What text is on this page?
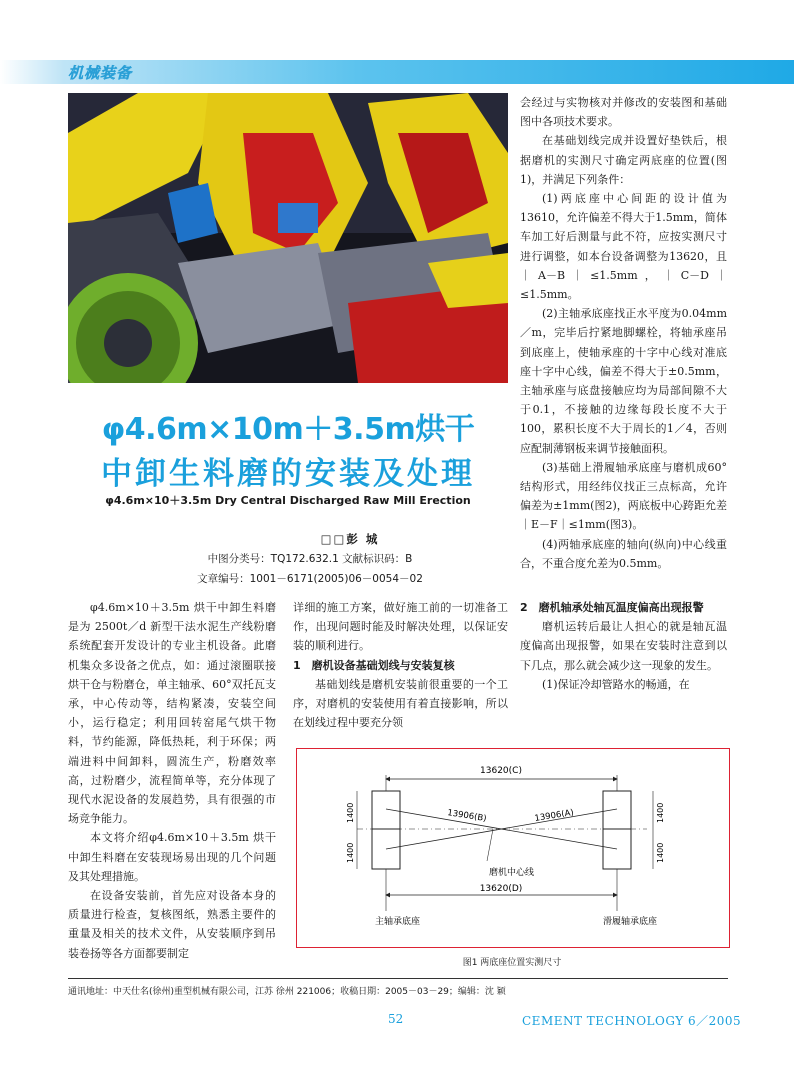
机械装备
φ4.6m×10m＋3.5m烘干
中卸生料磨的安装及处理
φ4.6m×10＋3.5m Dry Central Discharged Raw Mill Erection
□□彭 城
中图分类号：TQ172.632.1 文献标识码：B
文章编号：1001－6171(2005)06－0054－02

φ4.6m×10＋3.5m 烘干中卸生料磨是为 2500t／d 新型干法水泥生产线粉磨系统配套开发设计的专业主机设备。此磨机集众多设备之优点，如：通过滚圈联接烘干仓与粉磨仓，单主轴承、60°双托瓦支承，中心传动等，结构紧凑，安装空间小，运行稳定；利用回转窑尾气烘干物料，节约能源，降低热耗，利于环保；两端进料中间卸料，圆流生产，粉磨效率高，过粉磨少，流程简单等，充分体现了现代水泥设备的发展趋势，具有很强的市场竞争能力。

本文将介绍φ4.6m×10＋3.5m 烘干中卸生料磨在安装现场易出现的几个问题及其处理措施。

在设备安装前，首先应对设备本身的质量进行检查，复核图纸，熟悉主要件的重量及相关的技术文件，从安装顺序到吊装卷扬等各方面都要制定

详细的施工方案，做好施工前的一切准备工作，出现问题时能及时解决处理，以保证安装的顺利进行。

1　磨机设备基础划线与安装复核

基础划线是磨机安装前很重要的一个工序，对磨机的安装使用有着直接影响，所以在划线过程中要充分领

会经过与实物核对并修改的安装图和基础图中各项技术要求。

在基础划线完成并设置好垫铁后，根据磨机的实测尺寸确定两底座的位置(图1)，并满足下列条件：

(1)两底座中心间距的设计值为13610，允许偏差不得大于1.5mm，简体车加工好后测量与此不符，应按实测尺寸进行调整，如本台设备调整为13620，且｜A－B｜≤1.5mm，｜C－D｜≤1.5mm。

(2)主轴承底座找正水平度为0.04mm／m，完毕后拧紧地脚螺栓，将轴承座吊到底座上，使轴承座的十字中心线对准底座十字中心线，偏差不得大于±0.5mm，主轴承座与底盘接触应均为局部间隙不大于0.1，不接触的边缘每段长度不大于100，累积长度不大于周长的1／4，否则应配制薄钢板来调节接触面积。

(3)基础上滑履轴承底座与磨机成60°结构形式，用经纬仪找正三点标高，允许偏差为±1mm(图2)，两底板中心跨距允差｜E－F｜≤1mm(图3)。

(4)两轴承底座的轴向(纵向)中心线重合，不重合度允差为0.5mm。

2　磨机轴承处轴瓦温度偏高出现报警

磨机运转后最让人担心的就是轴瓦温度偏高出现报警，如果在安装时注意到以下几点，那么就会减少这一现象的发生。

(1)保证冷却管路水的畅通，在

13620(C)
13906(B)	13906(A)
磨机中心线
13620(D)
1400
1400
1400
1400
主轴承底座	滑履轴承底座
图1 两底座位置实测尺寸
通讯地址：中天仕名(徐州)重型机械有限公司，江苏 徐州 221006；收稿日期：2005－03－29；编辑：沈 颖
52	CEMENT TECHNOLOGY 6／2005
